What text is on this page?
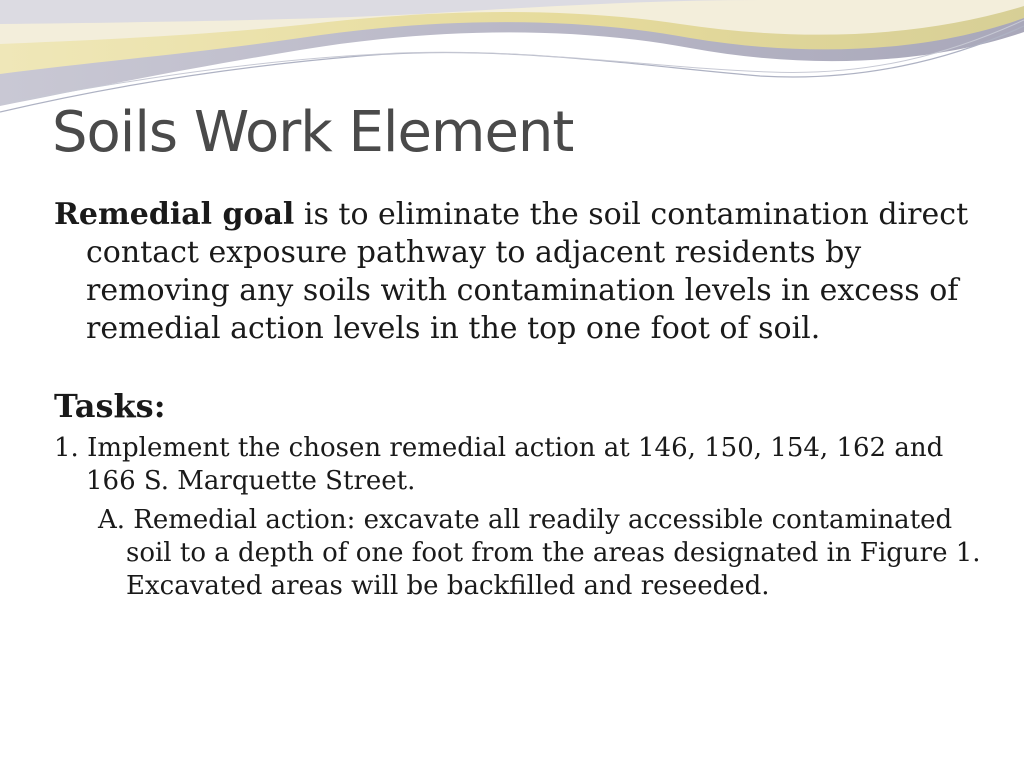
Soils Work Element

Remedial goal is to eliminate the soil contamination direct contact exposure pathway to adjacent residents by removing any soils with contamination levels in excess of remedial action levels in the top one foot of soil.

Tasks:

1. Implement the chosen remedial action at 146, 150, 154, 162 and 166 S. Marquette Street.

A. Remedial action: excavate all readily accessible contaminated soil to a depth of one foot from the areas designated in Figure 1. Excavated areas will be backfilled and reseeded.
